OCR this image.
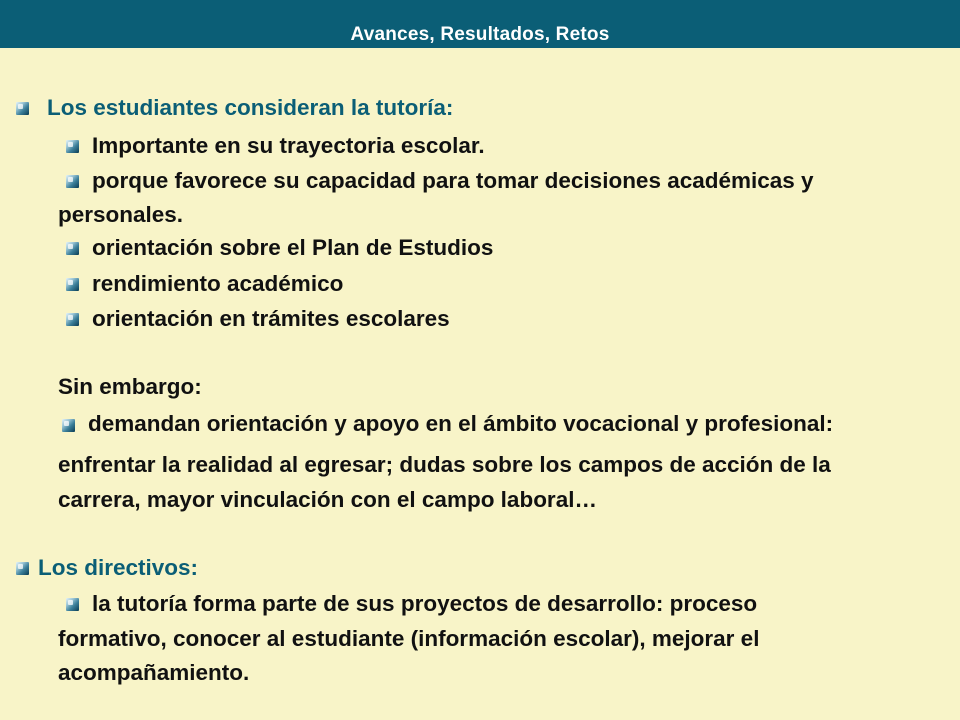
Avances, Resultados, Retos
Los estudiantes consideran la tutoría:
Importante en su trayectoria escolar.
porque favorece su capacidad para tomar decisiones académicas y
personales.
orientación sobre el Plan de Estudios
rendimiento académico
orientación en trámites escolares
Sin embargo:
demandan orientación y apoyo en el ámbito vocacional y profesional:
enfrentar la realidad al egresar; dudas sobre los campos de acción de la
carrera, mayor vinculación con el campo laboral…
Los directivos:
la tutoría forma parte de sus proyectos de desarrollo: proceso
formativo, conocer al estudiante (información escolar), mejorar el
acompañamiento.
